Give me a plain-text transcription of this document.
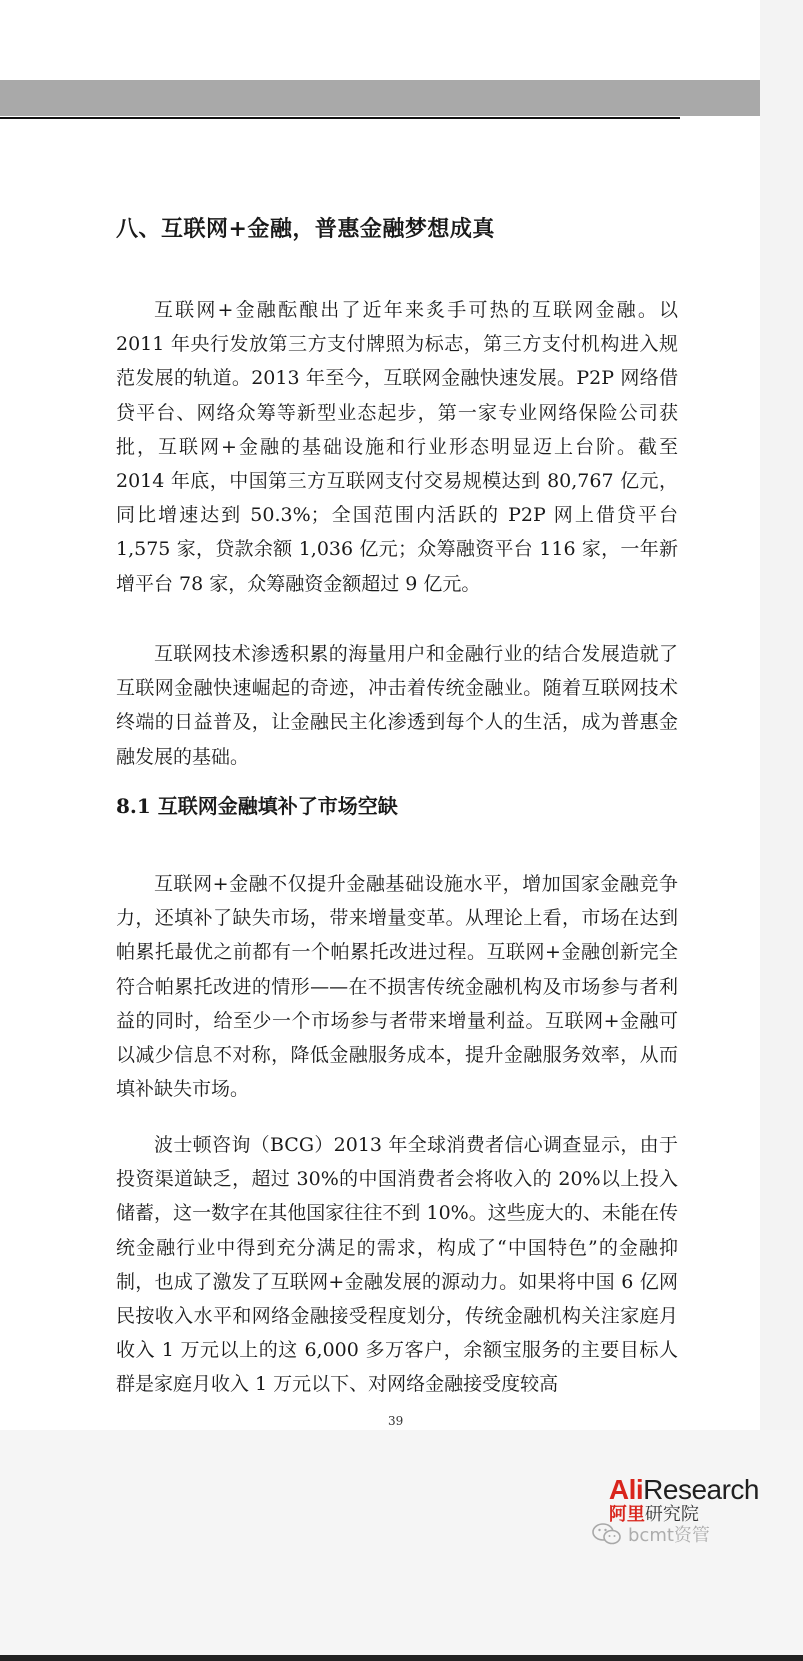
八、互联网+金融，普惠金融梦想成真

互联网+金融酝酿出了近年来炙手可热的互联网金融。以 2011 年央行发放第三方支付牌照为标志，第三方支付机构进入规范发展的轨道。2013 年至今，互联网金融快速发展。P2P 网络借贷平台、网络众筹等新型业态起步，第一家专业网络保险公司获批，互联网+金融的基础设施和行业形态明显迈上台阶。截至 2014 年底，中国第三方互联网支付交易规模达到 80,767 亿元，同比增速达到 50.3%；全国范围内活跃的 P2P 网上借贷平台 1,575 家，贷款余额 1,036 亿元；众筹融资平台 116 家，一年新增平台 78 家，众筹融资金额超过 9 亿元。

互联网技术渗透积累的海量用户和金融行业的结合发展造就了互联网金融快速崛起的奇迹，冲击着传统金融业。随着互联网技术终端的日益普及，让金融民主化渗透到每个人的生活，成为普惠金融发展的基础。

8.1 互联网金融填补了市场空缺

互联网+金融不仅提升金融基础设施水平，增加国家金融竞争力，还填补了缺失市场，带来增量变革。从理论上看，市场在达到帕累托最优之前都有一个帕累托改进过程。互联网+金融创新完全符合帕累托改进的情形——在不损害传统金融机构及市场参与者利益的同时，给至少一个市场参与者带来增量利益。互联网+金融可以减少信息不对称，降低金融服务成本，提升金融服务效率，从而填补缺失市场。

波士顿咨询（BCG）2013 年全球消费者信心调查显示，由于投资渠道缺乏，超过 30%的中国消费者会将收入的 20%以上投入储蓄，这一数字在其他国家往往不到 10%。这些庞大的、未能在传统金融行业中得到充分满足的需求，构成了“中国特色”的金融抑制，也成了激发了互联网+金融发展的源动力。如果将中国 6 亿网民按收入水平和网络金融接受程度划分，传统金融机构关注家庭月收入 1 万元以上的这 6,000 多万客户，余额宝服务的主要目标人群是家庭月收入 1 万元以下、对网络金融接受度较高

39
AliResearch
阿里研究院
bcmt资管
